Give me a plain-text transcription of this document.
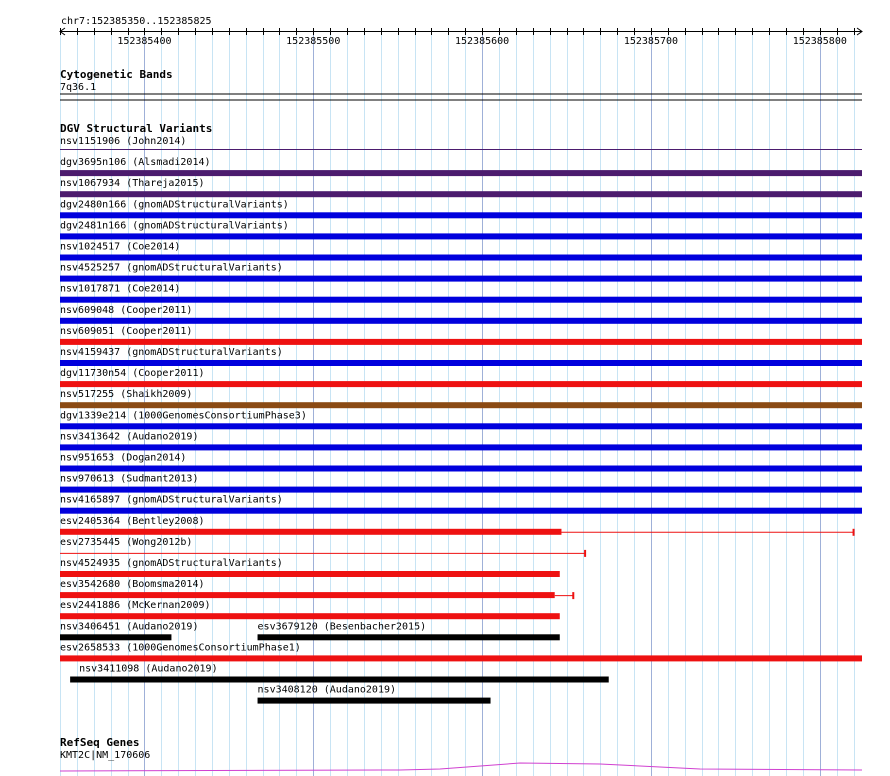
chr7:152385350..152385825
152385400	152385500	152385600	152385700	152385800
Cytogenetic Bands
7q36.1
DGV Structural Variants
nsv1151906 (John2014)
dgv3695n106 (Alsmadi2014)
nsv1067934 (Thareja2015)
dgv2480n166 (gnomADStructuralVariants)
dgv2481n166 (gnomADStructuralVariants)
nsv1024517 (Coe2014)
nsv4525257 (gnomADStructuralVariants)
nsv1017871 (Coe2014)
nsv609048 (Cooper2011)
nsv609051 (Cooper2011)
nsv4159437 (gnomADStructuralVariants)
dgv11730n54 (Cooper2011)
nsv517255 (Shaikh2009)
dgv1339e214 (1000GenomesConsortiumPhase3)
nsv3413642 (Audano2019)
nsv951653 (Dogan2014)
nsv970613 (Sudmant2013)
nsv4165897 (gnomADStructuralVariants)
esv2405364 (Bentley2008)
esv2735445 (Wong2012b)
nsv4524935 (gnomADStructuralVariants)
esv3542680 (Boomsma2014)
esv2441886 (McKernan2009)
nsv3406451 (Audano2019)	esv3679120 (Besenbacher2015)
esv2658533 (1000GenomesConsortiumPhase1)
nsv3411098 (Audano2019)
nsv3408120 (Audano2019)
RefSeq Genes
KMT2C|NM_170606
